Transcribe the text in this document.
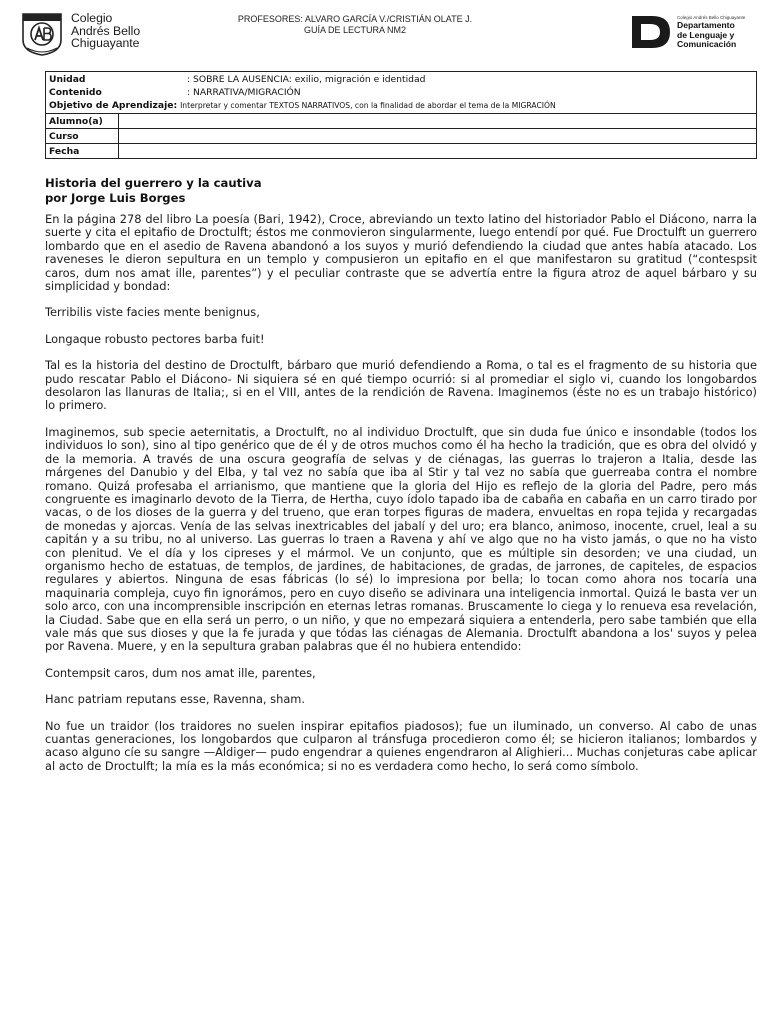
Colegio
Andrés Bello
Chiguayante
PROFESORES: ALVARO GARCÍA V./CRISTIÁN OLATE J.
GUÍA DE LECTURA NM2
Colegio Andrés Bello Chiguayante
Departamento
de Lenguaje y
Comunicación
Unidad : SOBRE LA AUSENCIA: exilio, migración e identidad
Contenido : NARRATIVA/MIGRACIÓN
Objetivo de Aprendizaje: Interpretar y comentar TEXTOS NARRATIVOS, con la finalidad de abordar el tema de la MIGRACIÓN	

Alumno(a)	
Curso	
Fecha	
Historia del guerrero y la cautiva
por Jorge Luis Borges

En la página 278 del libro La poesía (Bari, 1942), Croce, abreviando un texto latino del historiador Pablo el Diácono, narra la suerte y cita el epitafio de Droctulft; éstos me conmovieron singularmente, luego entendí por qué. Fue Droctulft un guerrero lombardo que en el asedio de Ravena abandonó a los suyos y murió defendiendo la ciudad que antes había atacado. Los raveneses le dieron sepultura en un templo y compusieron un epitafio en el que manifestaron su gratitud (“contespsit caros, dum nos amat ille, parentes”) y el peculiar contraste que se advertía entre la figura atroz de aquel bárbaro y su simplicidad y bondad:

Terribilis viste facies mente benignus,

Longaque robusto pectores barba fuit!

Tal es la historia del destino de Droctulft, bárbaro que murió defendiendo a Roma, o tal es el fragmento de su historia que pudo rescatar Pablo el Diácono- Ni siquiera sé en qué tiempo ocurrió: si al promediar el siglo vi, cuando los longobardos desolaron las llanuras de Italia;, si en el VIII, antes de la rendición de Ravena. Imaginemos (éste no es un trabajo histórico) lo primero.

Imaginemos, sub specie aeternitatis, a Droctulft, no al individuo Droctulft, que sin duda fue único e insondable (todos los individuos lo son), sino al tipo genérico que de él y de otros muchos como él ha hecho la tradición, que es obra del olvidó y de la memoria. A través de una oscura geografía de selvas y de ciénagas, las guerras lo trajeron a Italia, desde las márgenes del Danubio y del Elba, y tal vez no sabía que iba al Stir y tal vez no sabía que guerreaba contra el nombre romano. Quizá profesaba el arrianismo, que mantiene que la gloria del Hijo es reflejo de la gloria del Padre, pero más congruente es imaginarlo devoto de la Tierra, de Hertha, cuyo ídolo tapado iba de cabaña en cabaña en un carro tirado por vacas, o de los dioses de la guerra y del trueno, que eran torpes figuras de madera, envueltas en ropa tejida y recargadas de monedas y ajorcas. Venía de las selvas inextricables del jabalí y del uro; era blanco, animoso, inocente, cruel, leal a su capitán y a su tribu, no al universo. Las guerras lo traen a Ravena y ahí ve algo que no ha visto jamás, o que no ha visto con plenitud. Ve el día y los cipreses y el mármol. Ve un conjunto, que es múltiple sin desorden; ve una ciudad, un organismo hecho de estatuas, de templos, de jardines, de habitaciones, de gradas, de jarrones, de capiteles, de espacios regulares y abiertos. Ninguna de esas fábricas (lo sé) lo impresiona por bella; lo tocan como ahora nos tocaría una maquinaria compleja, cuyo fin ignorámos, pero en cuyo diseño se adivinara una inteligencia inmortal. Quizá le basta ver un solo arco, con una incomprensible inscripción en eternas letras romanas. Bruscamente lo ciega y lo renueva esa revelación, la Ciudad. Sabe que en ella será un perro, o un niño, y que no empezará siquiera a entenderla, pero sabe también que ella vale más que sus dioses y que la fe jurada y que tódas las ciénagas de Alemania. Droctulft abandona a los' suyos y pelea por Ravena. Muere, y en la sepultura graban palabras que él no hubiera entendido:

Contempsit caros, dum nos amat ille, parentes,

Hanc patriam reputans esse, Ravenna, sham.

No fue un traidor (los traidores no suelen inspirar epitafios piadosos); fue un iluminado, un converso. Al cabo de unas cuantas generaciones, los longobardos que culparon al tránsfuga procedieron como él; se hicieron italianos; lombardos y acaso alguno cíe su sangre —Aldiger— pudo engendrar a quienes engendraron al Alighieri... Muchas conjeturas cabe aplicar al acto de Droctulft; la mía es la más económica; si no es verdadera como hecho, lo será como símbolo.
